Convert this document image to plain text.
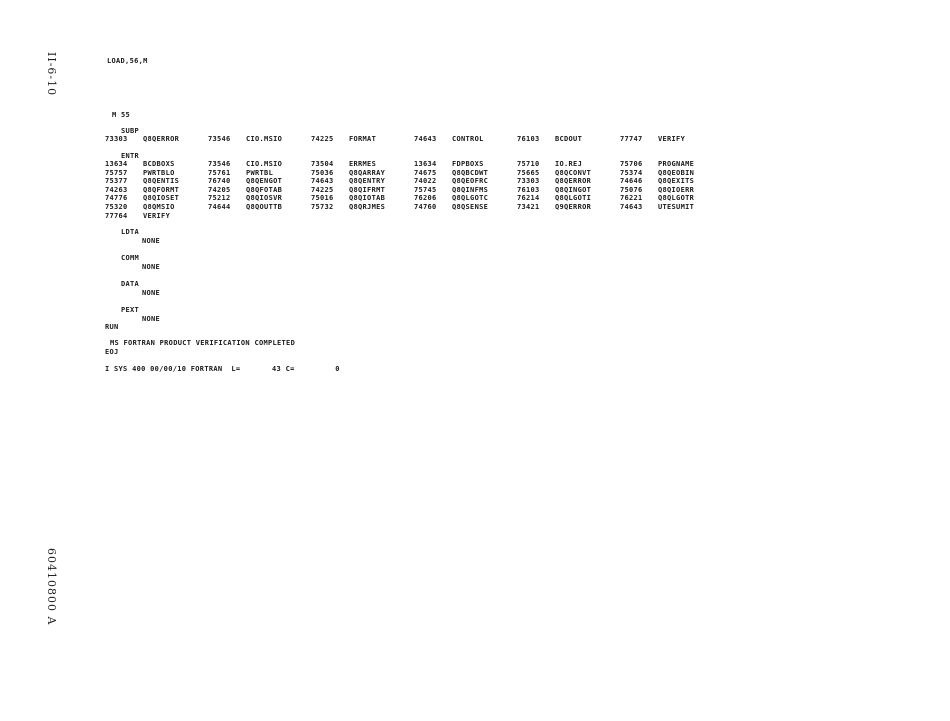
II-6-10
60410800 A
LOAD,56,M
M 55
SUBP
73303 Q8QERROR	73546 CIO.MSIO	74225 FORMAT	74643 CONTROL	76103 BCDOUT	77747 VERIFY
ENTR
13634 BCDBOXS	73546 CIO.MSIO	73504 ERRMES	13634 FDPBOXS	75710 IO.REJ	75706 PROGNAME
75757 PWRTBLO	75761 PWRTBL	75036 Q8QARRAY	74675 Q8QBCDWT	75665 Q8QCONVT	75374 Q8QEOBIN
75377 Q8QENTIS	76740 Q8QENGOT	74643 Q8QENTRY	74022 Q8QEOFRC	73303 Q8QERROR	74646 Q8QEXITS
74263 Q8QFORMT	74205 Q8QFOTAB	74225 Q8QIFRMT	75745 Q8QINFMS	76103 Q8QINGOT	75076 Q8QIOERR
74776 Q8QIOSET	75212 Q8QIOSVR	75016 Q8QIOTAB	76206 Q8QLGOTC	76214 Q8QLGOTI	76221 Q8QLGOTR
75320 Q8QMSIO	74644 Q8QOUTTB	75732 Q8QRJMES	74760 Q8QSENSE	73421 Q9QERROR	74643 UTESUMIT
77764 VERIFY
LDTA
NONE
COMM
NONE
DATA
NONE
PEXT
NONE
RUN
MS FORTRAN PRODUCT VERIFICATION COMPLETED
EOJ
I SYS 400 00/00/10 FORTRAN  L=       43 C=         0
